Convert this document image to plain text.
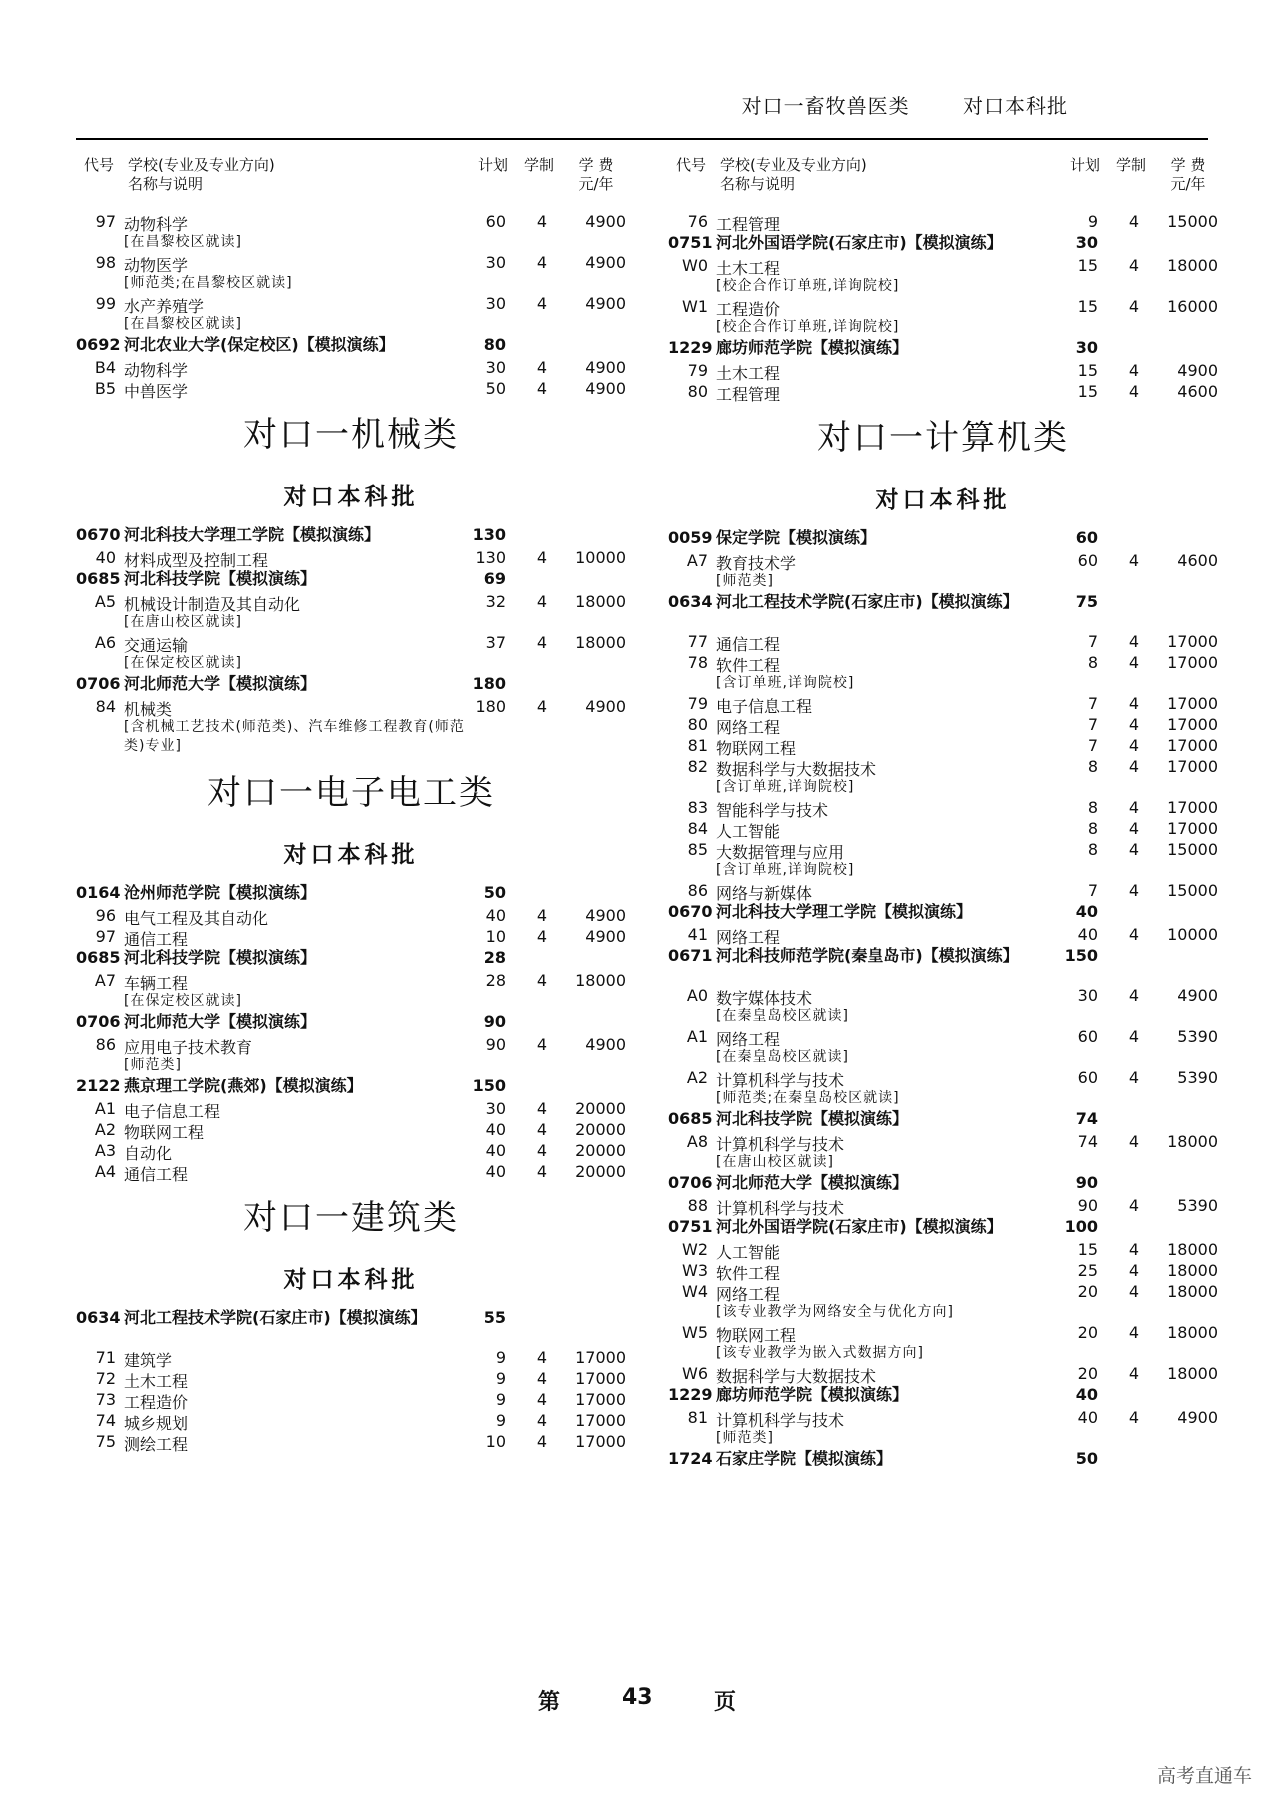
对口一畜牧兽医类	对口本科批
代号 学校(专业及专业方向)
名称与说明
计划 学制	学 费
元/年
97 动物科学	60	4	4900
[在昌黎校区就读]
98 动物医学	30	4	4900
[师范类;在昌黎校区就读]
99 水产养殖学	30	4	4900
[在昌黎校区就读]
0692 河北农业大学(保定校区)【模拟演练】	80
B4 动物科学	30	4	4900
B5 中兽医学	50	4	4900
对口一机械类
对口本科批
0670 河北科技大学理工学院【模拟演练】	130
40 材料成型及控制工程	130	4	10000
0685 河北科技学院【模拟演练】	69
A5 机械设计制造及其自动化	32	4	18000
[在唐山校区就读]
A6 交通运输	37	4	18000
[在保定校区就读]
0706 河北师范大学【模拟演练】	180
84 机械类	180	4	4900
[含机械工艺技术(师范类)、汽车维修工程教育(师范类)专业]
对口一电子电工类
对口本科批
0164 沧州师范学院【模拟演练】	50
96 电气工程及其自动化	40	4	4900
97 通信工程	10	4	4900
0685 河北科技学院【模拟演练】	28
A7 车辆工程	28	4	18000
[在保定校区就读]
0706 河北师范大学【模拟演练】	90
86 应用电子技术教育	90	4	4900
[师范类]
2122 燕京理工学院(燕郊)【模拟演练】	150
A1 电子信息工程	30	4	20000
A2 物联网工程	40	4	20000
A3 自动化	40	4	20000
A4 通信工程	40	4	20000
对口一建筑类
对口本科批
0634 河北工程技术学院(石家庄市)【模拟演练】	55
71 建筑学	9	4	17000
72 土木工程	9	4	17000
73 工程造价	9	4	17000
74 城乡规划	9	4	17000
75 测绘工程	10	4	17000
代号 学校(专业及专业方向)
名称与说明
计划 学制	学 费
元/年
76 工程管理	9	4	15000
0751 河北外国语学院(石家庄市)【模拟演练】	30
W0 土木工程	15	4	18000
[校企合作订单班,详询院校]
W1 工程造价	15	4	16000
[校企合作订单班,详询院校]
1229 廊坊师范学院【模拟演练】	30
79 土木工程	15	4	4900
80 工程管理	15	4	4600
对口一计算机类
对口本科批
0059 保定学院【模拟演练】	60
A7 教育技术学	60	4	4600
[师范类]
0634 河北工程技术学院(石家庄市)【模拟演练】	75
77 通信工程	7	4	17000
78 软件工程	8	4	17000
[含订单班,详询院校]
79 电子信息工程	7	4	17000
80 网络工程	7	4	17000
81 物联网工程	7	4	17000
82 数据科学与大数据技术	8	4	17000
[含订单班,详询院校]
83 智能科学与技术	8	4	17000
84 人工智能	8	4	17000
85 大数据管理与应用	8	4	15000
[含订单班,详询院校]
86 网络与新媒体	7	4	15000
0670 河北科技大学理工学院【模拟演练】	40
41 网络工程	40	4	10000
0671 河北科技师范学院(秦皇岛市)【模拟演练】	150
A0 数字媒体技术	30	4	4900
[在秦皇岛校区就读]
A1 网络工程	60	4	5390
[在秦皇岛校区就读]
A2 计算机科学与技术	60	4	5390
[师范类;在秦皇岛校区就读]
0685 河北科技学院【模拟演练】	74
A8 计算机科学与技术	74	4	18000
[在唐山校区就读]
0706 河北师范大学【模拟演练】	90
88 计算机科学与技术	90	4	5390
0751 河北外国语学院(石家庄市)【模拟演练】	100
W2 人工智能	15	4	18000
W3 软件工程	25	4	18000
W4 网络工程	20	4	18000
[该专业教学为网络安全与优化方向]
W5 物联网工程	20	4	18000
[该专业教学为嵌入式数据方向]
W6 数据科学与大数据技术	20	4	18000
1229 廊坊师范学院【模拟演练】	40
81 计算机科学与技术	40	4	4900
[师范类]
1724 石家庄学院【模拟演练】	50
第	43	页
高考直通车
